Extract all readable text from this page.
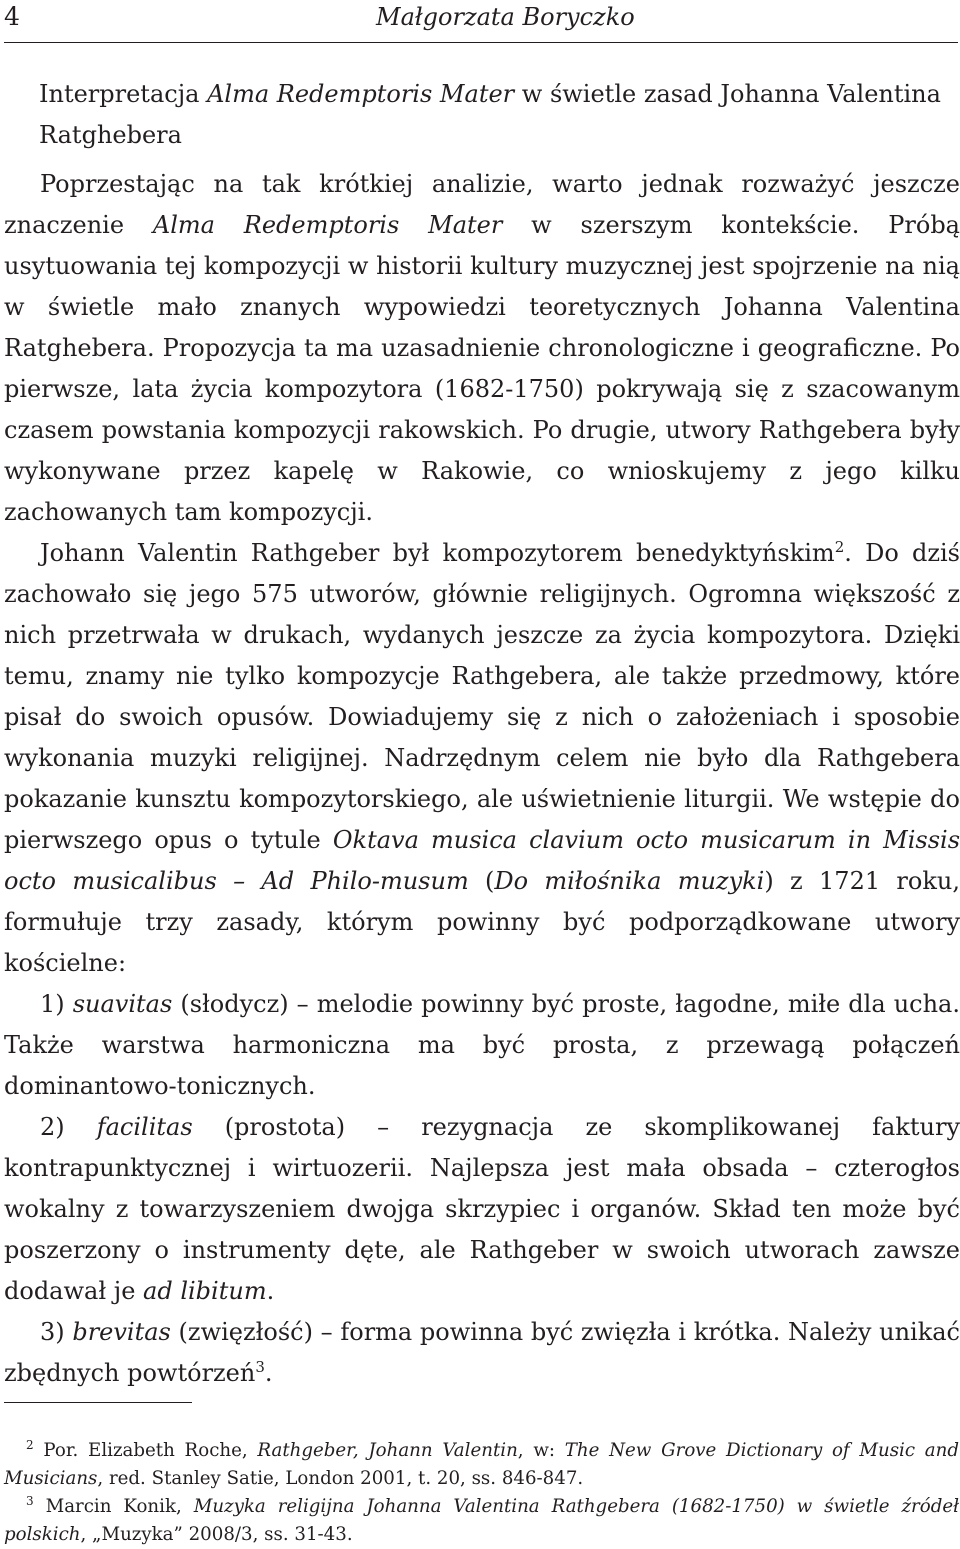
4	Małgorzata Boryczko

Interpretacja Alma Redemptoris Mater w świetle zasad Johanna Valentina Ratghebera

Poprzestając na tak krótkiej analizie, warto jednak rozważyć jeszcze znaczenie Alma Redemptoris Mater w szerszym kontekście. Próbą usytuowania tej kompozycji w historii kultury muzycznej jest spojrzenie na nią w świetle mało znanych wypowiedzi teoretycznych Johanna Valentina Ratghebera. Propozycja ta ma uzasadnienie chronologiczne i geograficzne. Po pierwsze, lata życia kompozytora (1682-1750) pokrywają się z szacowanym czasem powstania kompozycji rakowskich. Po drugie, utwory Rathgebera były wykonywane przez kapelę w Rakowie, co wnioskujemy z jego kilku zachowanych tam kompozycji.

Johann Valentin Rathgeber był kompozytorem benedyktyńskim$^2$. Do dziś zachowało się jego 575 utworów, głównie religijnych. Ogromna większość z nich przetrwała w drukach, wydanych jeszcze za życia kompozytora. Dzięki temu, znamy nie tylko kompozycje Rathgebera, ale także przedmowy, które pisał do swoich opusów. Dowiadujemy się z nich o założeniach i sposobie wykonania muzyki religijnej. Nadrzędnym celem nie było dla Rathgebera pokazanie kunsztu kompozytorskiego, ale uświetnienie liturgii. We wstępie do pierwszego opus o tytule Oktava musica clavium octo musicarum in Missis octo musicalibus – Ad Philo-musum (Do miłośnika muzyki) z 1721 roku, formułuje trzy zasady, którym powinny być podporządkowane utwory kościelne:

1) suavitas (słodycz) – melodie powinny być proste, łagodne, miłe dla ucha. Także warstwa harmoniczna ma być prosta, z przewagą połączeń dominantowo-tonicznych.

2) facilitas (prostota) – rezygnacja ze skomplikowanej faktury kontrapunktycznej i wirtuozerii. Najlepsza jest mała obsada – czterogłos wokalny z towarzyszeniem dwojga skrzypiec i organów. Skład ten może być poszerzony o instrumenty dęte, ale Rathgeber w swoich utworach zawsze dodawał je ad libitum.

3) brevitas (zwięzłość) – forma powinna być zwięzła i krótka. Należy unikać zbędnych powtórzeń$^3$.

$^2$ Por. Elizabeth Roche, Rathgeber, Johann Valentin, w: The New Grove Dictionary of Music and Musicians, red. Stanley Satie, London 2001, t. 20, ss. 846-847.

$^3$ Marcin Konik, Muzyka religijna Johanna Valentina Rathgebera (1682-1750) w świetle źródeł polskich, „Muzyka” 2008/3, ss. 31-43.
